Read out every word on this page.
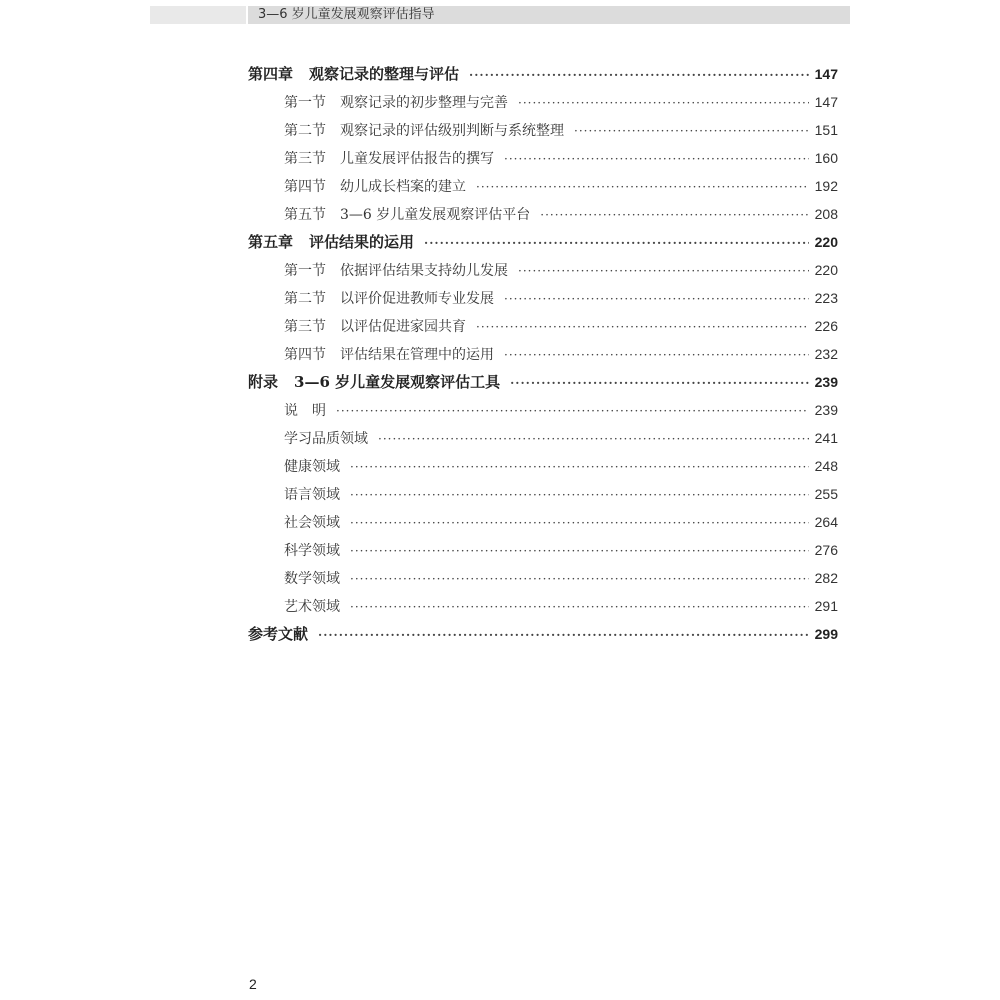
3—6 岁儿童发展观察评估指导
第四章 观察记录的整理与评估 ·····	147
第一节 观察记录的初步整理与完善 ·····	147
第二节 观察记录的评估级别判断与系统整理 ·····	151
第三节 儿童发展评估报告的撰写 ·····	160
第四节 幼儿成长档案的建立 ·····	192
第五节 3—6 岁儿童发展观察评估平台 ·····	208
第五章 评估结果的运用 ·····	220
第一节 依据评估结果支持幼儿发展 ·····	220
第二节 以评价促进教师专业发展 ·····	223
第三节 以评估促进家园共育 ·····	226
第四节 评估结果在管理中的运用 ·····	232
附录 3—6 岁儿童发展观察评估工具 ·····	239
说　明 ·····	239
学习品质领域 ·····	241
健康领域 ·····	248
语言领域 ·····	255
社会领域 ·····	264
科学领域 ·····	276
数学领域 ·····	282
艺术领域 ·····	291
参考文献 ·····	299
2
